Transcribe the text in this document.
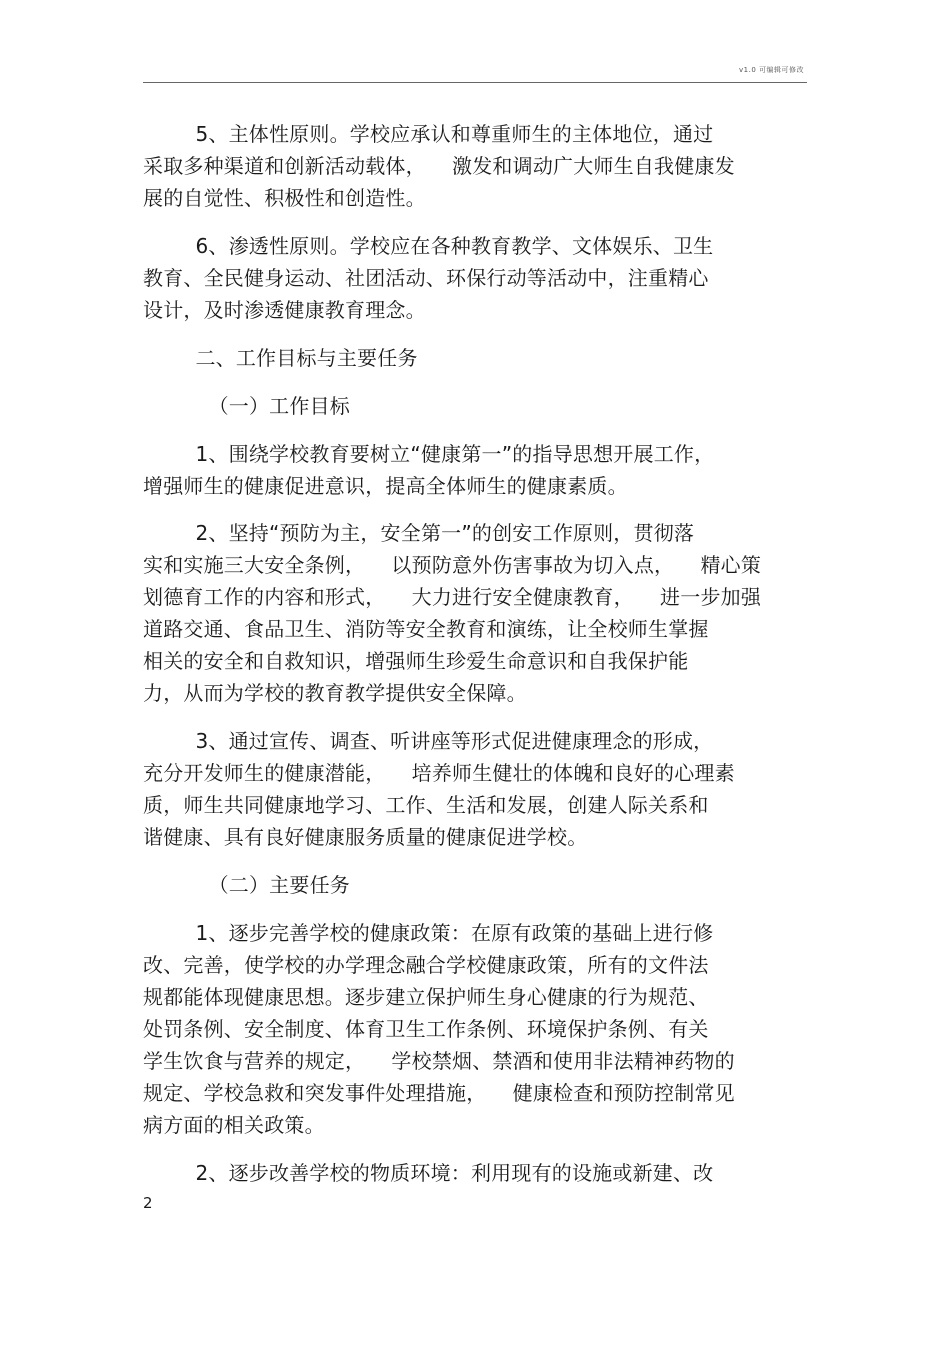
v1.0 可编辑可修改
5、主体性原则。学校应承认和尊重师生的主体地位，通过
采取多种渠道和创新活动载体，    激发和调动广大师生自我健康发
展的自觉性、积极性和创造性。
6、渗透性原则。学校应在各种教育教学、文体娱乐、卫生
教育、全民健身运动、社团活动、环保行动等活动中，注重精心
设计，及时渗透健康教育理念。
二、工作目标与主要任务
（一）工作目标
1、围绕学校教育要树立“健康第一”的指导思想开展工作，
增强师生的健康促进意识，提高全体师生的健康素质。
2、坚持“预防为主，安全第一”的创安工作原则，贯彻落
实和实施三大安全条例，    以预防意外伤害事故为切入点，    精心策
划德育工作的内容和形式，    大力进行安全健康教育，    进一步加强
道路交通、食品卫生、消防等安全教育和演练，让全校师生掌握
相关的安全和自救知识，增强师生珍爱生命意识和自我保护能
力，从而为学校的教育教学提供安全保障。
3、通过宣传、调查、听讲座等形式促进健康理念的形成，
充分开发师生的健康潜能，    培养师生健壮的体魄和良好的心理素
质，师生共同健康地学习、工作、生活和发展，创建人际关系和
谐健康、具有良好健康服务质量的健康促进学校。
（二）主要任务
1、逐步完善学校的健康政策：在原有政策的基础上进行修
改、完善，使学校的办学理念融合学校健康政策，所有的文件法
规都能体现健康思想。逐步建立保护师生身心健康的行为规范、
处罚条例、安全制度、体育卫生工作条例、环境保护条例、有关
学生饮食与营养的规定，    学校禁烟、禁酒和使用非法精神药物的
规定、学校急救和突发事件处理措施，    健康检查和预防控制常见
病方面的相关政策。
2、逐步改善学校的物质环境：利用现有的设施或新建、改
2
